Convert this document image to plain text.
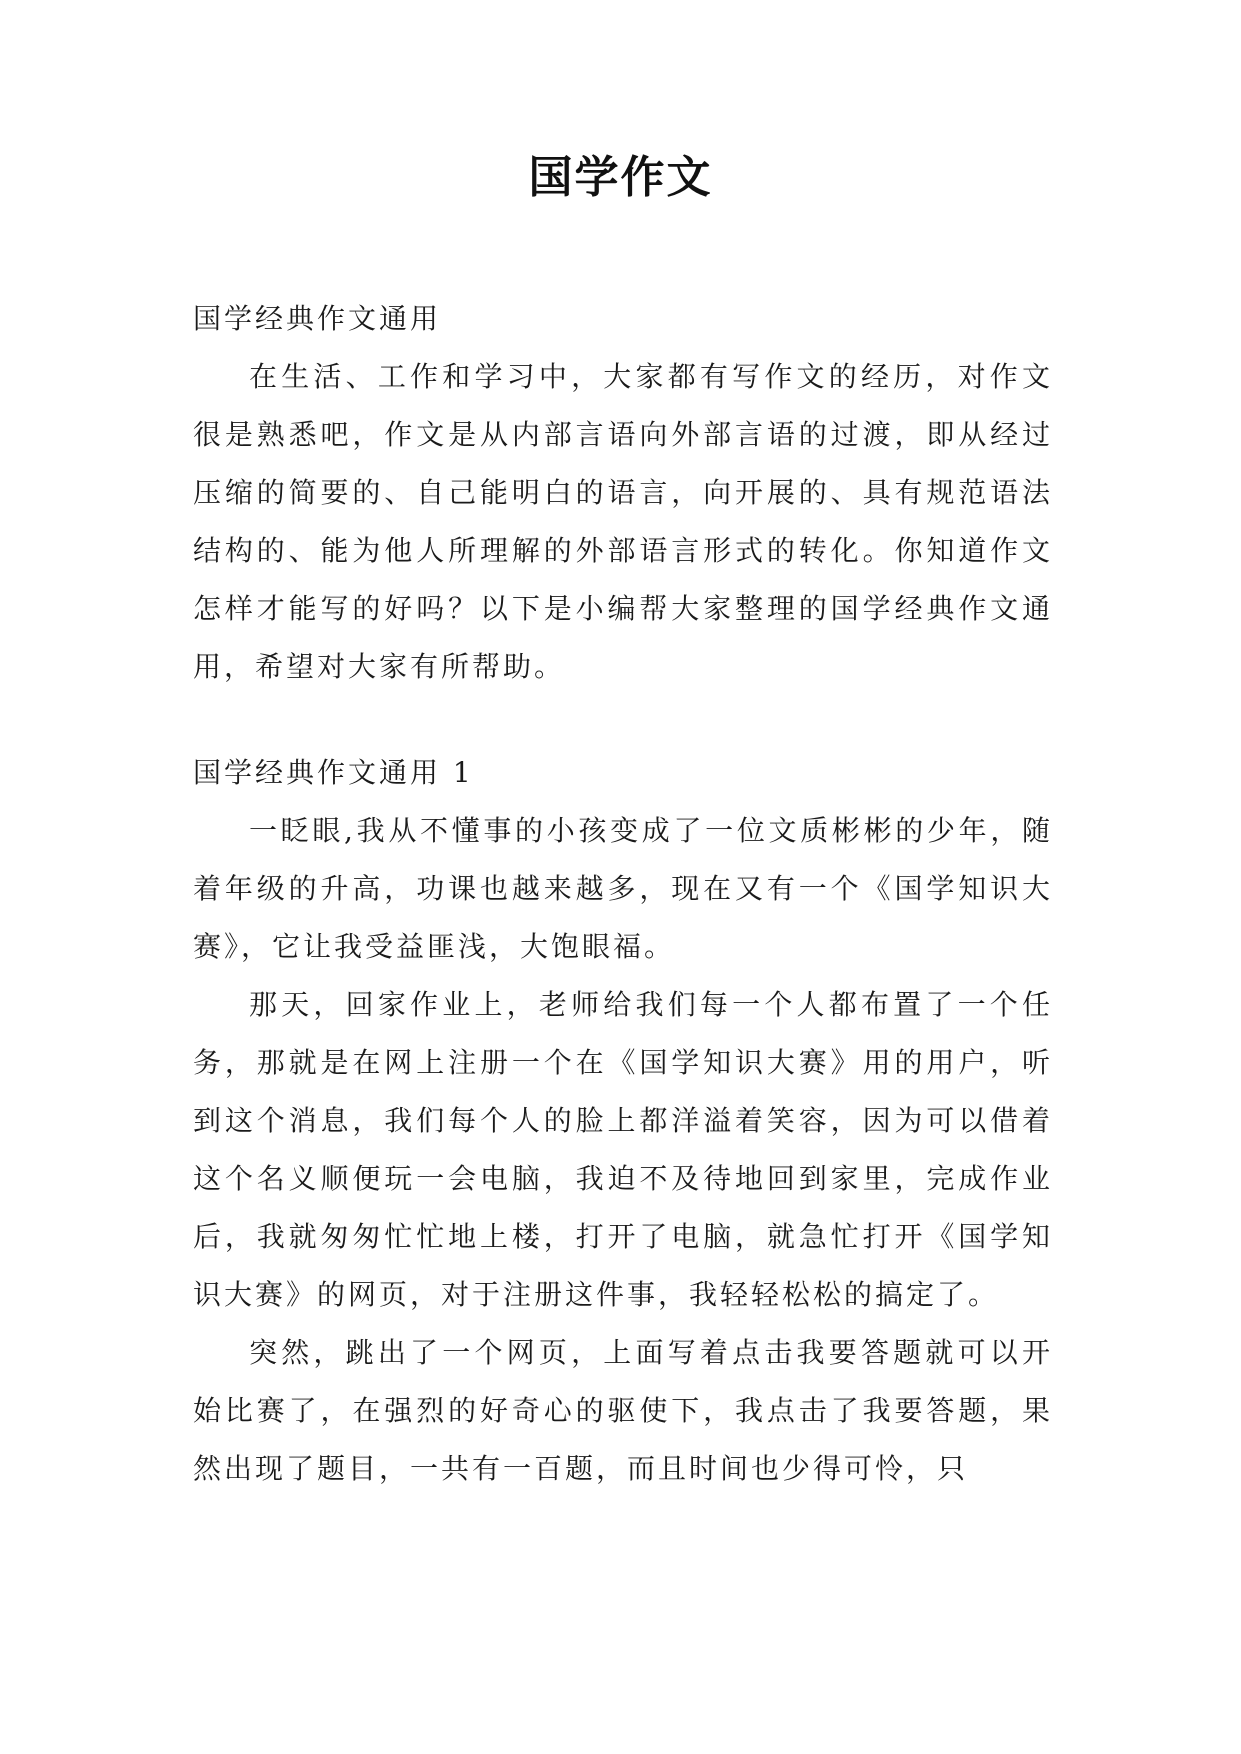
国学作文

国学经典作文通用

在生活、工作和学习中，大家都有写作文的经历，对作文很是熟悉吧，作文是从内部言语向外部言语的过渡，即从经过压缩的简要的、自己能明白的语言，向开展的、具有规范语法结构的、能为他人所理解的外部语言形式的转化。你知道作文怎样才能写的好吗？以下是小编帮大家整理的国学经典作文通用，希望对大家有所帮助。

国学经典作文通用 1

一眨眼,我从不懂事的小孩变成了一位文质彬彬的少年，随着年级的升高，功课也越来越多，现在又有一个《国学知识大赛》，它让我受益匪浅，大饱眼福。

那天，回家作业上，老师给我们每一个人都布置了一个任务，那就是在网上注册一个在《国学知识大赛》用的用户，听到这个消息，我们每个人的脸上都洋溢着笑容，因为可以借着这个名义顺便玩一会电脑，我迫不及待地回到家里，完成作业后，我就匆匆忙忙地上楼，打开了电脑，就急忙打开《国学知识大赛》的网页，对于注册这件事，我轻轻松松的搞定了。

突然，跳出了一个网页，上面写着点击我要答题就可以开始比赛了，在强烈的好奇心的驱使下，我点击了我要答题，果然出现了题目，一共有一百题，而且时间也少得可怜，只
